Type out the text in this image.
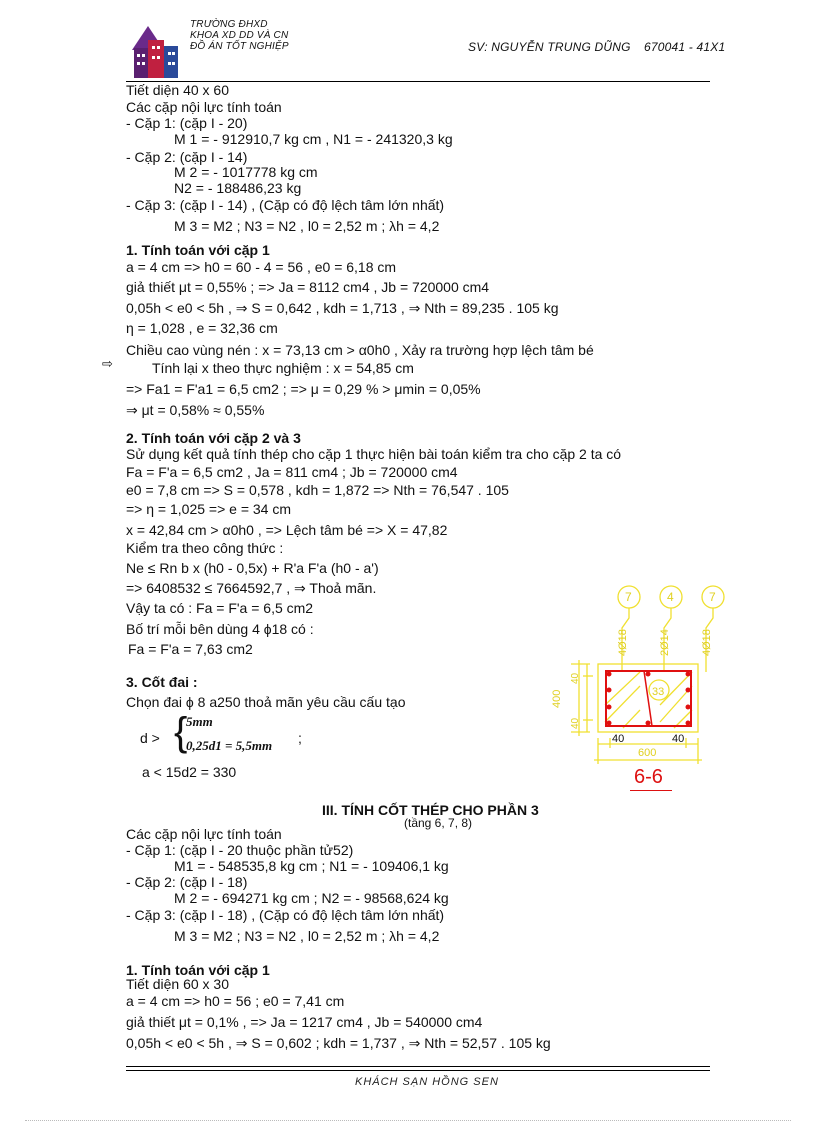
TRƯỜNG ĐHXD
KHOA XD DD VÀ CN
ĐỒ ÁN TỐT NGHIỆP	SV: NGUYỄN TRUNG DŨNG 670041 - 41X1
Tiết diện 40 x 60
Các cặp nội lực tính toán
- Cặp 1: (cặp I - 20)
M 1 = - 912910,7 kg cm , N1 = - 241320,3 kg
- Cặp 2: (cặp I - 14)
M 2 = - 1017778 kg cm
N2 = - 188486,23 kg
- Cặp 3: (cặp I - 14) , (Cặp có độ lệch tâm lớn nhất)
M 3 = M2 ; N3 = N2 , l0 = 2,52 m ; λh = 4,2
1. Tính toán với cặp 1
a = 4 cm => h0 = 60 - 4 = 56 , e0 = 6,18 cm
giả thiết μt = 0,55% ; => Ja = 8112 cm4 , Jb = 720000 cm4
0,05h < e0 < 5h , ⇒ S = 0,642 , kdh = 1,713 , ⇒ Nth = 89,235 . 105 kg
η = 1,028 , e = 32,36 cm
Chiều cao vùng nén : x = 73,13 cm > α0h0 , Xảy ra trường hợp lệch tâm bé
⇨	Tính lại x theo thực nghiệm : x = 54,85 cm
=> Fa1 = F'a1 = 6,5 cm2 ; => μ = 0,29 % > μmin = 0,05%
⇒ μt = 0,58% ≈ 0,55%
2. Tính toán với cặp 2 và 3
Sử dụng kết quả tính thép cho cặp 1 thực hiện bài toán kiểm tra cho cặp 2 ta có
Fa = F'a = 6,5 cm2 , Ja = 811 cm4 ; Jb = 720000 cm4
e0 = 7,8 cm => S = 0,578 , kdh = 1,872 => Nth = 76,547 . 105
=> η = 1,025 => e = 34 cm
x = 42,84 cm > α0h0 , => Lệch tâm bé => X = 47,82
Kiểm tra theo công thức :
Ne ≤ Rn b x (h0 - 0,5x) + R'a F'a (h0 - a')
=> 6408532 ≤ 7664592,7 , ⇒ Thoả mãn.
Vậy ta có : Fa = F'a = 6,5 cm2
Bố trí mỗi bên dùng 4 ϕ18 có :
Fa = F'a = 7,63 cm2
3. Cốt đai :
Chọn đai ϕ 8 a250 thoả mãn yêu cầu cấu tạo
d > {
5mm
0,25d1 = 5,5mm ;
a < 15d2 = 330
7	4	7
33
4Ø18	2Ø14	4Ø18
400
40
40
40	40
600
6-6
III. TÍNH CỐT THÉP CHO PHẦN 3
(tầng 6, 7, 8)
Các cặp nội lực tính toán
- Cặp 1: (cặp I - 20 thuộc phần tử52)
M1 = - 548535,8 kg cm ; N1 = - 109406,1 kg
- Cặp 2: (cặp I - 18)
M 2 = - 694271 kg cm ; N2 = - 98568,624 kg
- Cặp 3: (cặp I - 18) , (Cặp có độ lệch tâm lớn nhất)
M 3 = M2 ; N3 = N2 , l0 = 2,52 m ; λh = 4,2
1. Tính toán với cặp 1
Tiết diện 60 x 30
a = 4 cm => h0 = 56 ; e0 = 7,41 cm
giả thiết μt = 0,1% , => Ja = 1217 cm4 , Jb = 540000 cm4
0,05h < e0 < 5h , ⇒ S = 0,602 ; kdh = 1,737 , ⇒ Nth = 52,57 . 105 kg
KHÁCH SẠN HỒNG SEN
